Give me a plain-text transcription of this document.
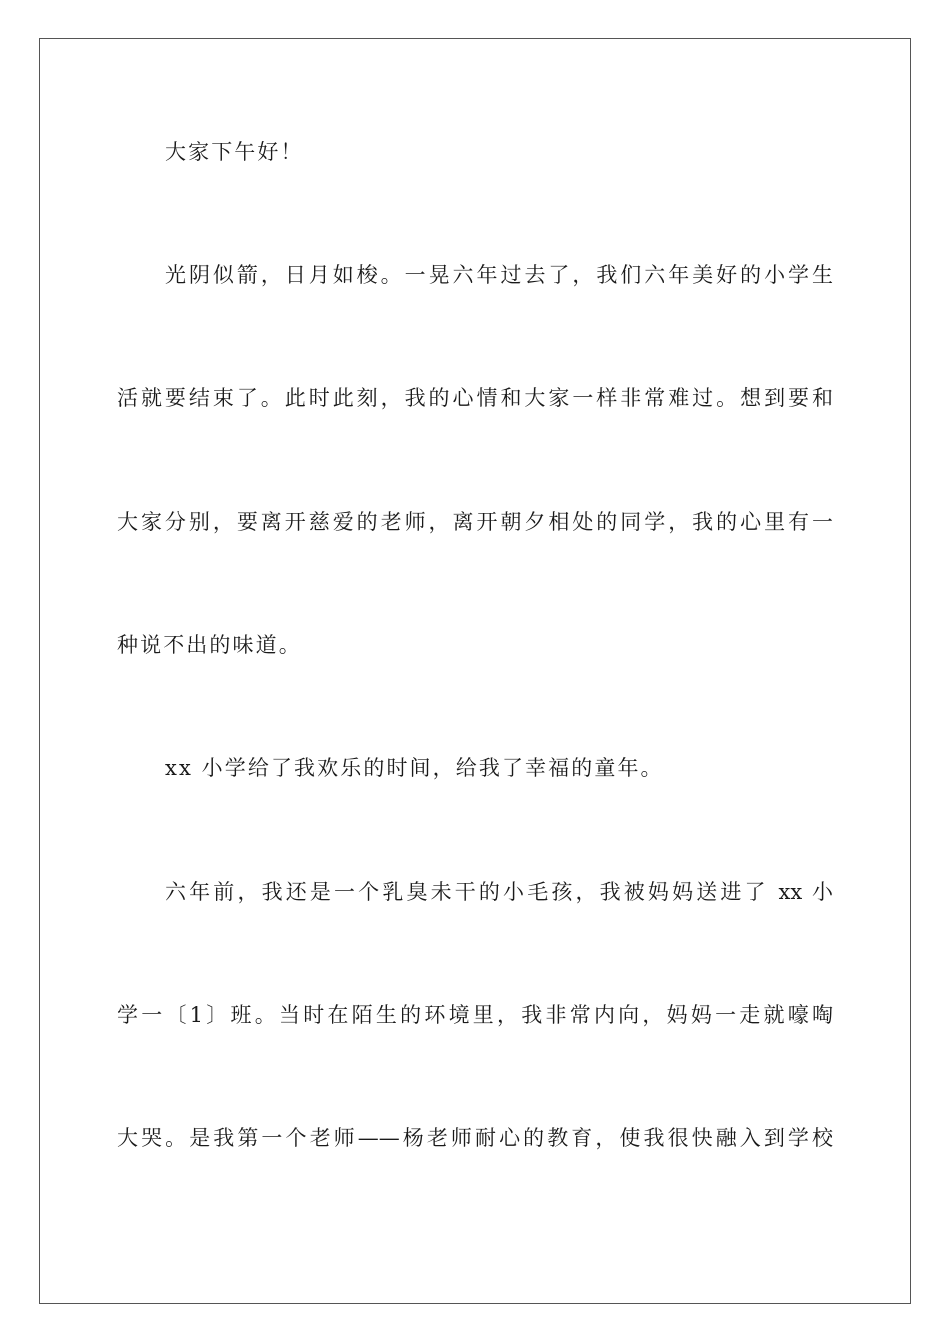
大家下午好！
光阴似箭，日月如梭。一晃六年过去了，我们六年美好的小学生
活就要结束了。此时此刻，我的心情和大家一样非常难过。想到要和
大家分别，要离开慈爱的老师，离开朝夕相处的同学，我的心里有一
种说不出的味道。
xx 小学给了我欢乐的时间，给我了幸福的童年。
六年前，我还是一个乳臭未干的小毛孩，我被妈妈送进了 xx 小
学一〔1〕班。当时在陌生的环境里，我非常内向，妈妈一走就嚎啕
大哭。是我第一个老师——杨老师耐心的教育，使我很快融入到学校
